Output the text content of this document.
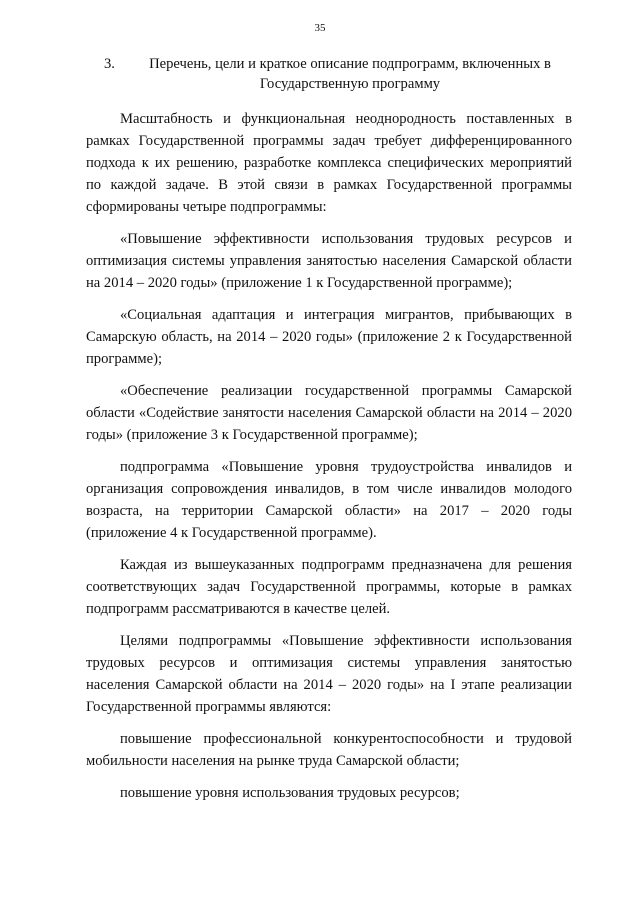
35
3.	Перечень, цели и краткое описание подпрограмм, включенных в Государственную программу

Масштабность и функциональная неоднородность поставленных в рамках Государственной программы задач требует дифференцированного подхода к их решению, разработке комплекса специфических мероприятий по каждой задаче. В этой связи в рамках Государственной программы сформированы четыре подпрограммы:

«Повышение эффективности использования трудовых ресурсов и оптимизация системы управления занятостью населения Самарской области на 2014 – 2020 годы» (приложение 1 к Государственной программе);

«Социальная адаптация и интеграция мигрантов, прибывающих в Самарскую область, на 2014 – 2020 годы» (приложение 2 к Государственной программе);

«Обеспечение реализации государственной программы Самарской области «Содействие занятости населения Самарской области на 2014 – 2020 годы» (приложение 3 к Государственной программе);

подпрограмма «Повышение уровня трудоустройства инвалидов и организация сопровождения инвалидов, в том числе инвалидов молодого возраста, на территории Самарской области» на 2017 – 2020 годы (приложение 4 к Государственной программе).

Каждая из вышеуказанных подпрограмм предназначена для решения соответствующих задач Государственной программы, которые в рамках подпрограмм рассматриваются в качестве целей.

Целями подпрограммы «Повышение эффективности использования трудовых ресурсов и оптимизация системы управления занятостью населения Самарской области на 2014 – 2020 годы» на I этапе реализации Государственной программы являются:

повышение профессиональной конкурентоспособности и трудовой мобильности населения на рынке труда Самарской области;

повышение уровня использования трудовых ресурсов;
